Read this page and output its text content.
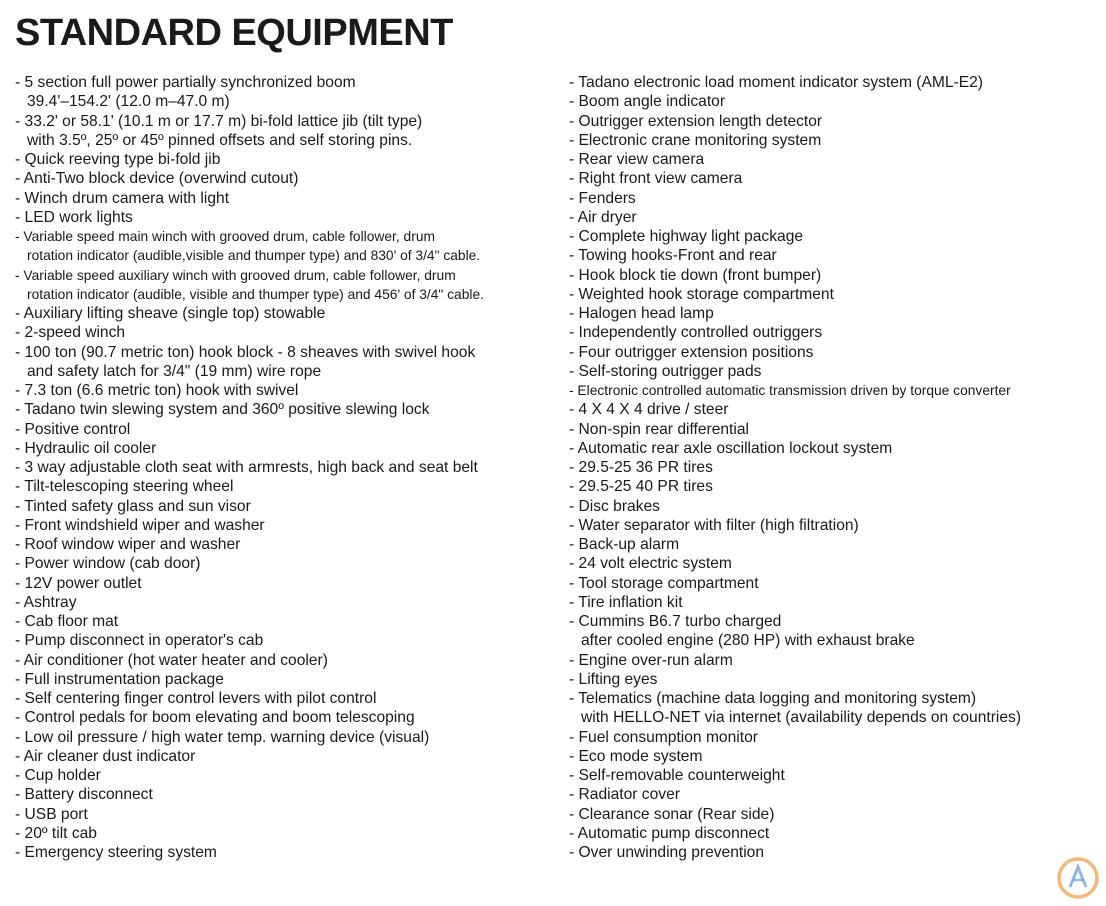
STANDARD EQUIPMENT
- 5 section full power partially synchronized boom
39.4'–154.2' (12.0 m–47.0 m)
- 33.2' or 58.1' (10.1 m or 17.7 m) bi-fold lattice jib (tilt type)
with 3.5º, 25º or 45º pinned offsets and self storing pins.
- Quick reeving type bi-fold jib
- Anti-Two block device (overwind cutout)
- Winch drum camera with light
- LED work lights
- Variable speed main winch with grooved drum, cable follower, drum
rotation indicator (audible,visible and thumper type) and 830' of 3/4" cable.
- Variable speed auxiliary winch with grooved drum, cable follower, drum
rotation indicator (audible, visible and thumper type) and 456' of 3/4" cable.
- Auxiliary lifting sheave (single top) stowable
- 2-speed winch
- 100 ton (90.7 metric ton) hook block - 8 sheaves with swivel hook
and safety latch for 3/4" (19 mm) wire rope
- 7.3 ton (6.6 metric ton) hook with swivel
- Tadano twin slewing system and 360º positive slewing lock
- Positive control
- Hydraulic oil cooler
- 3 way adjustable cloth seat with armrests, high back and seat belt
- Tilt-telescoping steering wheel
- Tinted safety glass and sun visor
- Front windshield wiper and washer
- Roof window wiper and washer
- Power window (cab door)
- 12V power outlet
- Ashtray
- Cab floor mat
- Pump disconnect in operator's cab
- Air conditioner (hot water heater and cooler)
- Full instrumentation package
- Self centering finger control levers with pilot control
- Control pedals for boom elevating and boom telescoping
- Low oil pressure / high water temp. warning device (visual)
- Air cleaner dust indicator
- Cup holder
- Battery disconnect
- USB port
- 20º tilt cab
- Emergency steering system
- Tadano electronic load moment indicator system (AML-E2)
- Boom angle indicator
- Outrigger extension length detector
- Electronic crane monitoring system
- Rear view camera
- Right front view camera
- Fenders
- Air dryer
- Complete highway light package
- Towing hooks-Front and rear
- Hook block tie down (front bumper)
- Weighted hook storage compartment
- Halogen head lamp
- Independently controlled outriggers
- Four outrigger extension positions
- Self-storing outrigger pads
- Electronic controlled automatic transmission driven by torque converter
- 4 X 4 X 4 drive / steer
- Non-spin rear differential
- Automatic rear axle oscillation lockout system
- 29.5-25 36 PR tires
- 29.5-25 40 PR tires
- Disc brakes
- Water separator with filter (high filtration)
- Back-up alarm
- 24 volt electric system
- Tool storage compartment
- Tire inflation kit
- Cummins B6.7 turbo charged
after cooled engine (280 HP) with exhaust brake
- Engine over-run alarm
- Lifting eyes
- Telematics (machine data logging and monitoring system)
with HELLO-NET via internet (availability depends on countries)
- Fuel consumption monitor
- Eco mode system
- Self-removable counterweight
- Radiator cover
- Clearance sonar (Rear side)
- Automatic pump disconnect
- Over unwinding prevention
